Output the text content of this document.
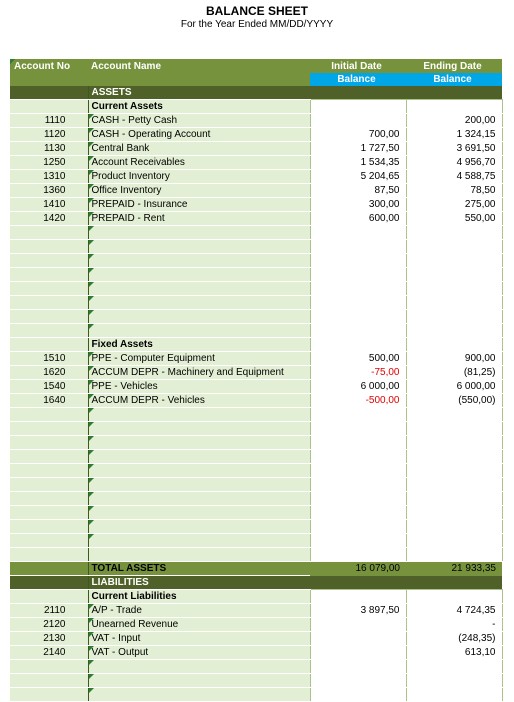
BALANCE SHEET
For the Year Ended MM/DD/YYYY
Account No	Account Name	Initial Date	Ending Date
		Balance	Balance
	ASSETS		

	Current Assets		
1110	CASH - Petty Cash		200,00
1120	CASH - Operating Account	700,00	1 324,15
1130	Central Bank	1 727,50	3 691,50
1250	Account Receivables	1 534,35	4 956,70
1310	Product Inventory	5 204,65	4 588,75
1360	Office Inventory	87,50	78,50
1410	PREPAID - Insurance	300,00	275,00
1420	PREPAID - Rent	600,00	550,00

	Fixed Assets		
1510	PPE - Computer Equipment	500,00	900,00
1620	ACCUM DEPR - Machinery and Equipment	-75,00	(81,25)
1540	PPE - Vehicles	6 000,00	6 000,00
1640	ACCUM DEPR - Vehicles	-500,00	(550,00)

	TOTAL ASSETS	16 079,00	21 933,35
	LIABILITIES		
	Current Liabilities		
2110	A/P - Trade	3 897,50	4 724,35
2120	Unearned Revenue		-
2130	VAT - Input		(248,35)
2140	VAT - Output		613,10
